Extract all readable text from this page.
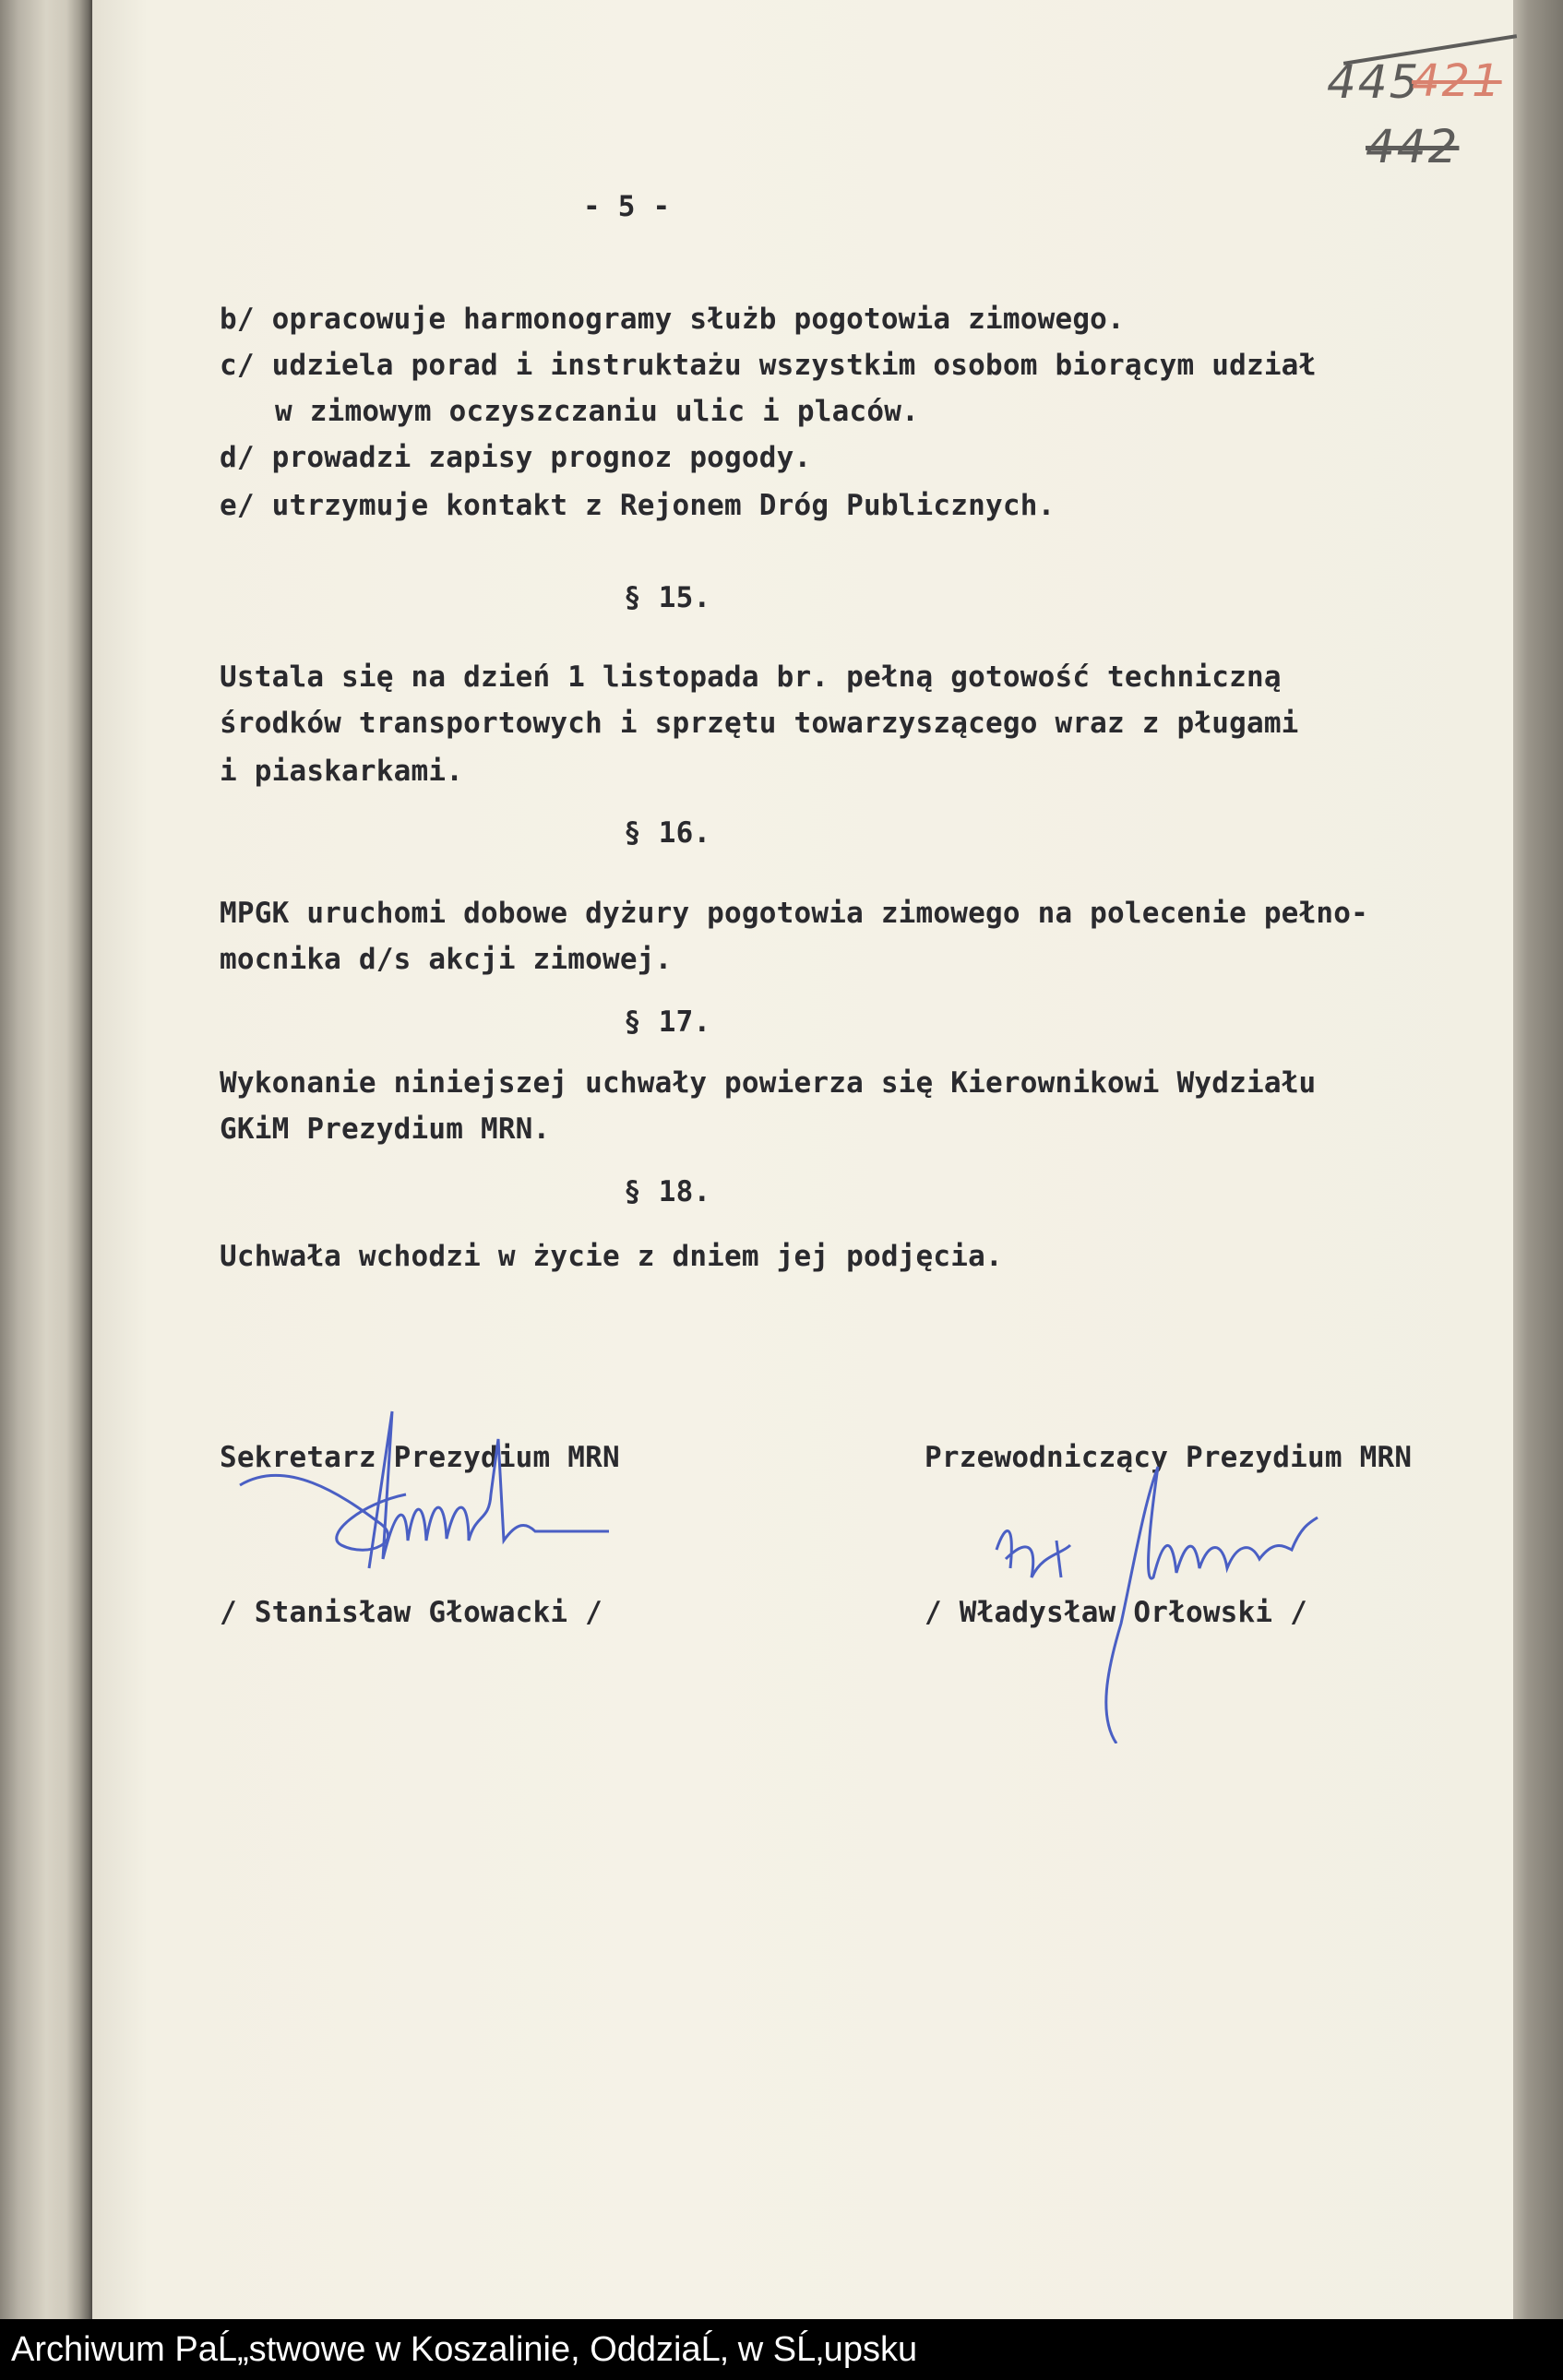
445
421
442
- 5 -
b/ opracowuje harmonogramy służb pogotowia zimowego.
c/ udziela porad i instruktażu wszystkim osobom biorącym udział
w zimowym oczyszczaniu ulic i placów.
d/ prowadzi zapisy prognoz pogody.
e/ utrzymuje kontakt z Rejonem Dróg Publicznych.
§ 15.
Ustala się na dzień 1 listopada br. pełną gotowość techniczną
środków transportowych i sprzętu towarzyszącego wraz z pługami
i piaskarkami.
§ 16.
MPGK uruchomi dobowe dyżury pogotowia zimowego na polecenie pełno-
mocnika d/s akcji zimowej.
§ 17.
Wykonanie niniejszej uchwały powierza się Kierownikowi Wydziału
GKiM Prezydium MRN.
§ 18.
Uchwała wchodzi w życie z dniem jej podjęcia.
Sekretarz Prezydium MRN	Przewodniczący Prezydium MRN
/ Stanisław Głowacki /	/ Władysław Orłowski /
Archiwum PaĹ„stwowe w Koszalinie, OddziaĹ‚ w SĹ‚upsku
